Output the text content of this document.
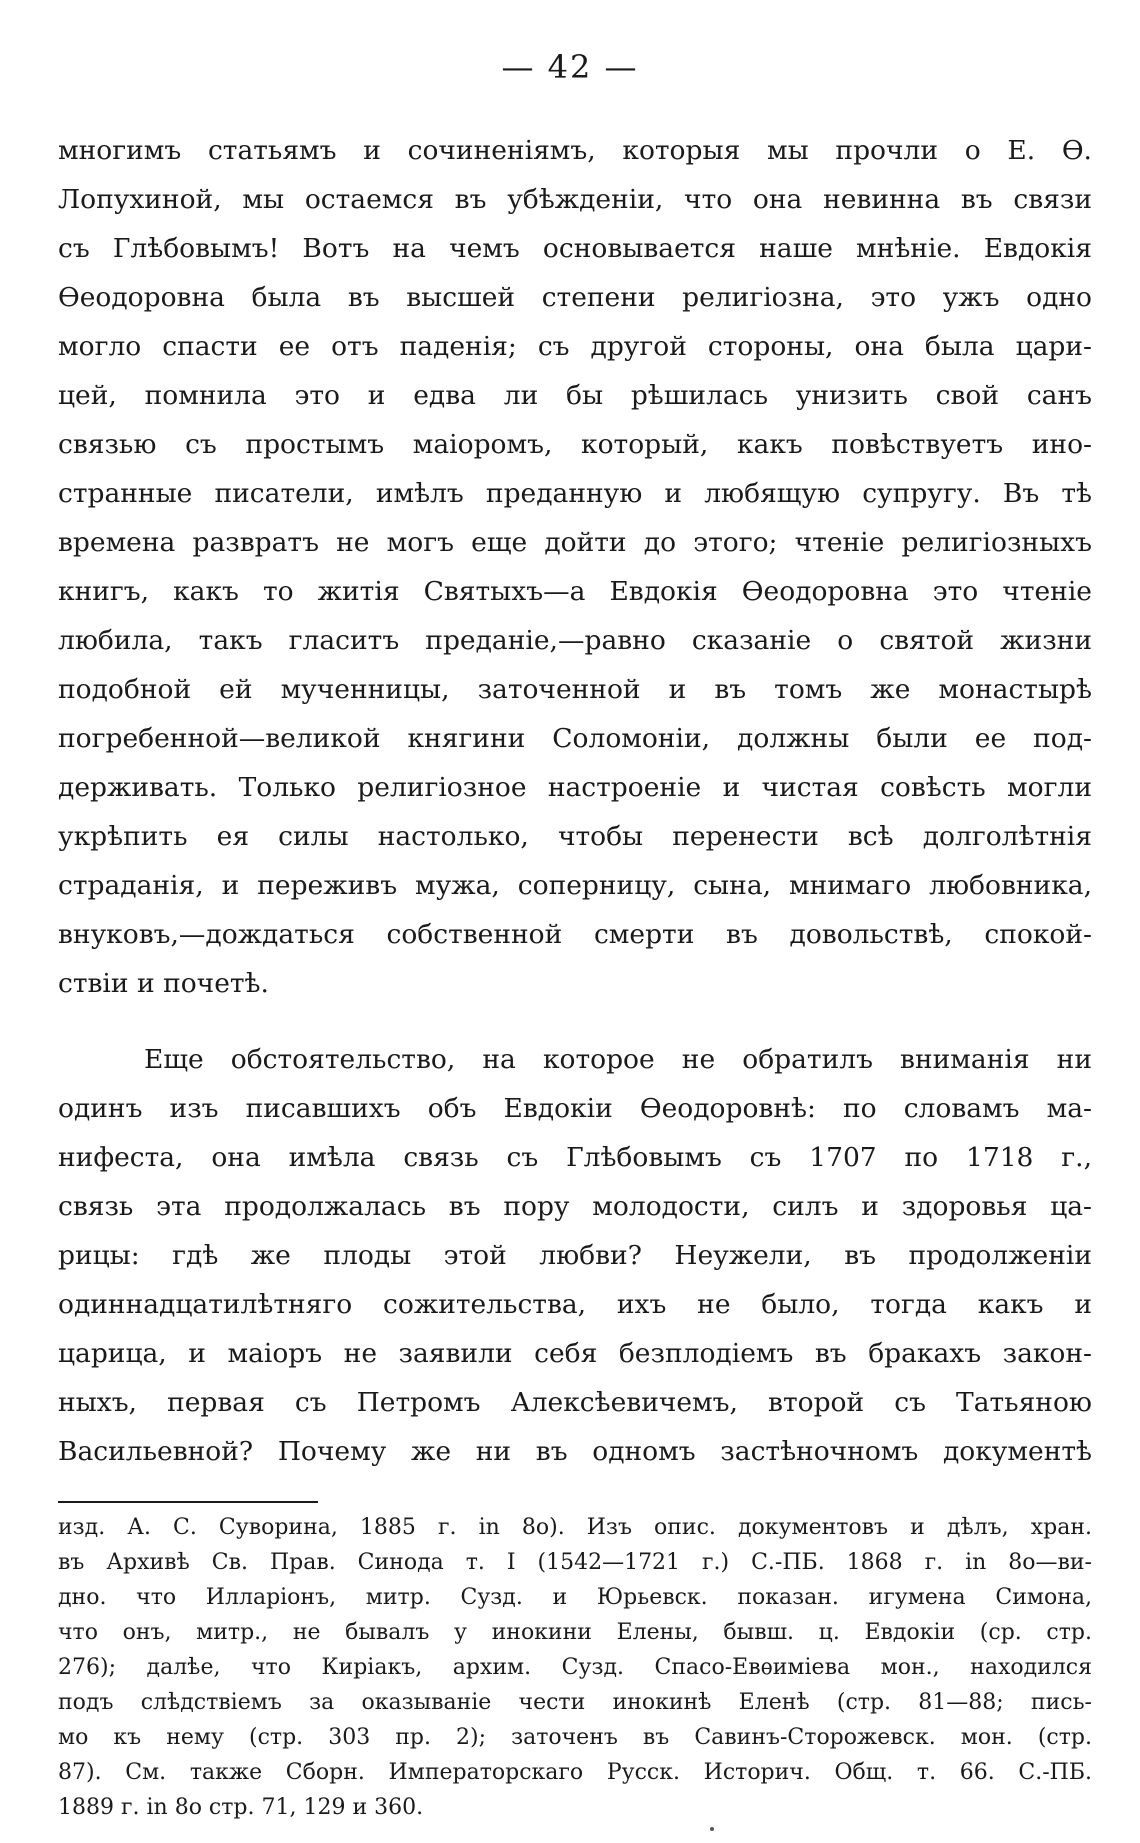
— 42 —
многимъ статьямъ и сочиненіямъ, которыя мы прочли о Е. Ѳ.
Лопухиной, мы остаемся въ убѣжденіи, что она невинна въ связи
съ Глѣбовымъ! Вотъ на чемъ основывается наше мнѣніе. Евдокія
Ѳеодоровна была въ высшей степени религіозна, это ужъ одно
могло спасти ее отъ паденія; съ другой стороны, она была цари-
цей, помнила это и едва ли бы рѣшилась унизить свой санъ
связью съ простымъ маіоромъ, который, какъ повѣствуетъ ино-
странные писатели, имѣлъ преданную и любящую супругу. Въ тѣ
времена развратъ не могъ еще дойти до этого; чтеніе религіозныхъ
книгъ, какъ то житія Святыхъ—а Евдокія Ѳеодоровна это чтеніе
любила, такъ гласитъ преданіе,—равно сказаніе о святой жизни
подобной ей мученницы, заточенной и въ томъ же монастырѣ
погребенной—великой княгини Соломоніи, должны были ее под-
держивать. Только религіозное настроеніе и чистая совѣсть могли
укрѣпить ея силы настолько, чтобы перенести всѣ долголѣтнія
страданія, и переживъ мужа, соперницу, сына, мнимаго любовника,
внуковъ,—дождаться собственной смерти въ довольствѣ, спокой-
ствіи и почетѣ.
Еще обстоятельство, на которое не обратилъ вниманія ни
одинъ изъ писавшихъ объ Евдокіи Ѳеодоровнѣ: по словамъ ма-
нифеста, она имѣла связь съ Глѣбовымъ съ 1707 по 1718 г.,
связь эта продолжалась въ пору молодости, силъ и здоровья ца-
рицы: гдѣ же плоды этой любви? Неужели, въ продолженіи
одиннадцатилѣтняго сожительства, ихъ не было, тогда какъ и
царица, и маіоръ не заявили себя безплодіемъ въ бракахъ закон-
ныхъ, первая съ Петромъ Алексѣевичемъ, второй съ Татьяною
Васильевной? Почему же ни въ одномъ застѣночномъ документѣ
изд. А. С. Суворина, 1885 г. in 8о). Изъ опис. документовъ и дѣлъ, хран.
въ Архивѣ Св. Прав. Синода т. I (1542—1721 г.) С.-ПБ. 1868 г. in 8о—ви-
дно. что Илларіонъ, митр. Сузд. и Юрьевск. показан. игумена Симона,
что онъ, митр., не бывалъ у инокини Елены, бывш. ц. Евдокіи (ср. стр.
276); далѣе, что Киріакъ, архим. Сузд. Спасо-Евѳиміева мон., находился
подъ слѣдствіемъ за оказываніе чести инокинѣ Еленѣ (стр. 81—88; пись-
мо къ нему (стр. 303 пр. 2); заточенъ въ Савинъ-Сторожевск. мон. (стр.
87). См. также Сборн. Императорскаго Русск. Историч. Общ. т. 66. С.-ПБ.
1889 г. in 8о стр. 71, 129 и 360.
